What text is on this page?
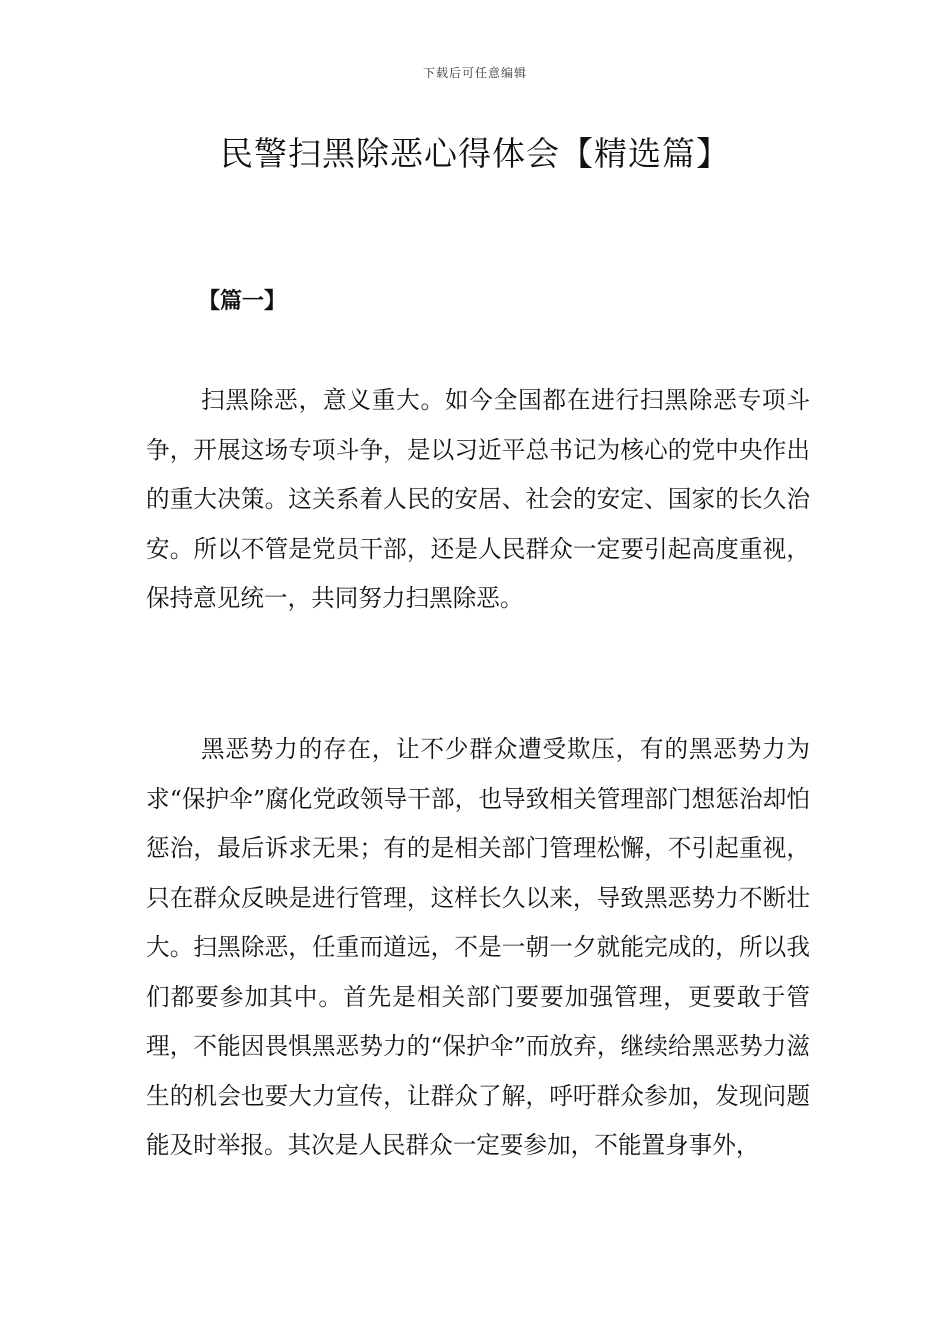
下载后可任意编辑
民警扫黑除恶心得体会【精选篇】
【篇一】

扫黑除恶，意义重大。如今全国都在进行扫黑除恶专项斗争，开展这场专项斗争，是以习近平总书记为核心的党中央作出的重大决策。这关系着人民的安居、社会的安定、国家的长久治安。所以不管是党员干部，还是人民群众一定要引起高度重视，保持意见统一，共同努力扫黑除恶。

黑恶势力的存在，让不少群众遭受欺压，有的黑恶势力为求“保护伞”腐化党政领导干部，也导致相关管理部门想惩治却怕惩治，最后诉求无果；有的是相关部门管理松懈，不引起重视，只在群众反映是进行管理，这样长久以来，导致黑恶势力不断壮大。扫黑除恶，任重而道远，不是一朝一夕就能完成的，所以我们都要参加其中。首先是相关部门要要加强管理，更要敢于管理，不能因畏惧黑恶势力的“保护伞”而放弃，继续给黑恶势力滋生的机会也要大力宣传，让群众了解，呼吁群众参加，发现问题能及时举报。其次是人民群众一定要参加，不能置身事外，
